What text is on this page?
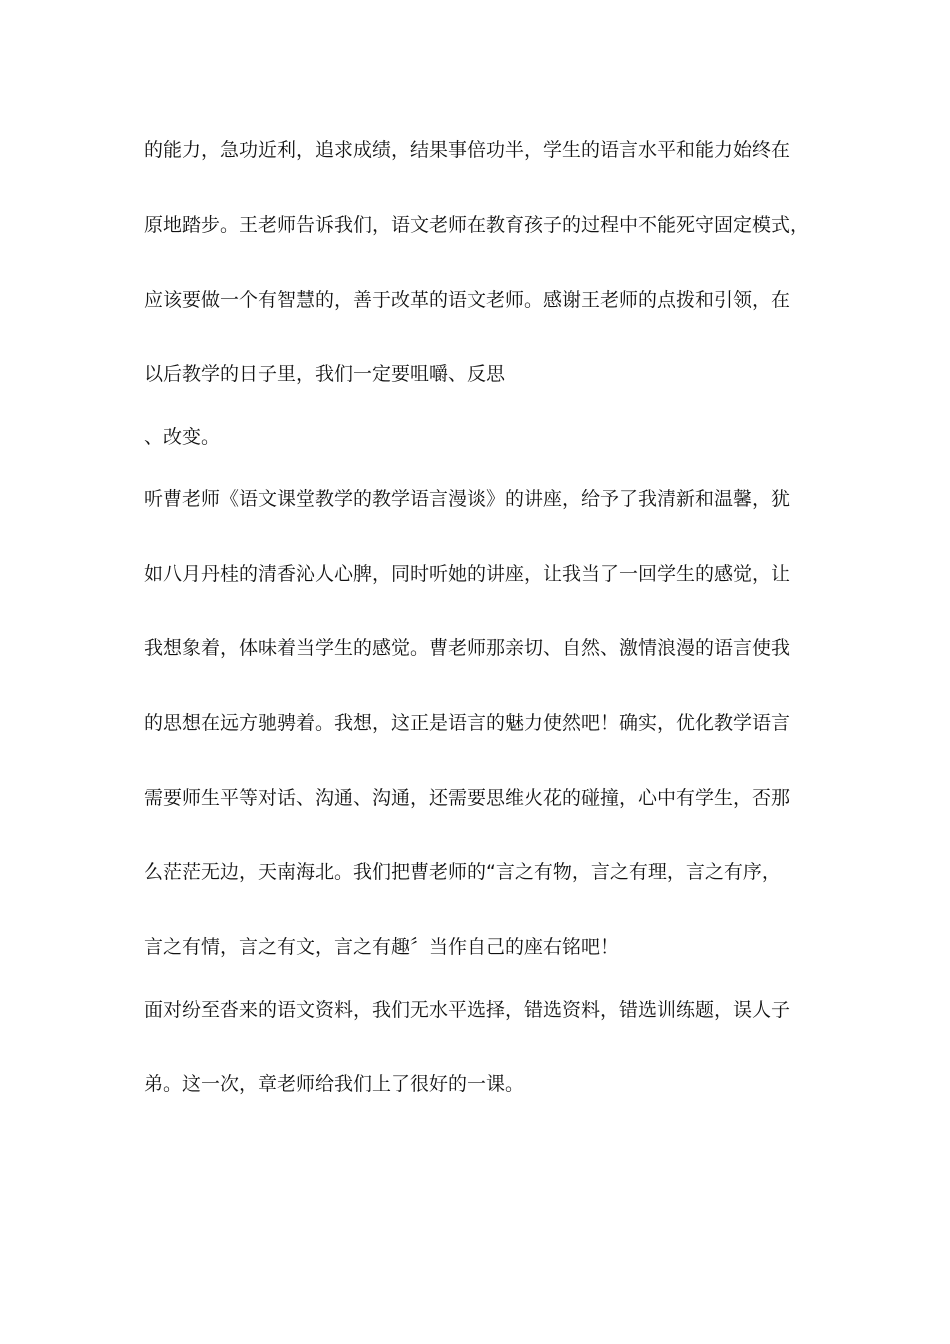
的能力，急功近利，追求成绩，结果事倍功半，学生的语言水平和能力始终在
原地踏步。王老师告诉我们，语文老师在教育孩子的过程中不能死守固定模式，
应该要做一个有智慧的，善于改革的语文老师。感谢王老师的点拨和引领，在
以后教学的日子里，我们一定要咀嚼、反思
、改变。
听曹老师《语文课堂教学的教学语言漫谈》的讲座，给予了我清新和温馨，犹
如八月丹桂的清香沁人心脾，同时听她的讲座，让我当了一回学生的感觉，让
我想象着，体味着当学生的感觉。曹老师那亲切、自然、激情浪漫的语言使我
的思想在远方驰骋着。我想，这正是语言的魅力使然吧！确实，优化教学语言
需要师生平等对话、沟通、沟通，还需要思维火花的碰撞，心中有学生，否那
么茫茫无边，天南海北。我们把曹老师的“言之有物，言之有理，言之有序，
言之有情，言之有文，言之有趣〞当作自己的座右铭吧！
面对纷至沓来的语文资料，我们无水平选择，错选资料，错选训练题，误人子
弟。这一次，章老师给我们上了很好的一课。
